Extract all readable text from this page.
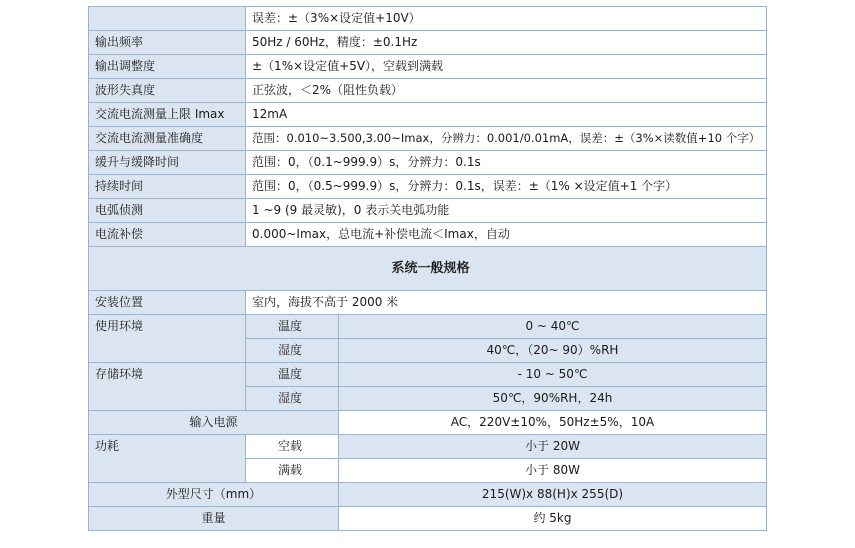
	误差：±（3%×设定值+10V）	
输出频率	50Hz / 60Hz，精度：±0.1Hz	
输出调整度	±（1%×设定值+5V），空载到满载	
波形失真度	正弦波，＜2%（阻性负载）	
交流电流测量上限 Imax	12mA	
交流电流测量准确度	范围：0.010~3.500,3.00~Imax，分辨力：0.001/0.01mA，误差：±（3%×读数值+10 个字）	
缓升与缓降时间	范围：0，（0.1~999.9）s，分辨力：0.1s	
持续时间	范围：0，（0.5~999.9）s，分辨力：0.1s，误差：±（1% ×设定值+1 个字）	
电弧侦测	1 ~9 (9 最灵敏)，0 表示关电弧功能	
电流补偿	0.000~Imax，总电流+补偿电流＜Imax，自动	
系统一般规格		
安装位置	室内，海拔不高于 2000 米	
使用环境	温度	0 ~ 40℃
	湿度	40℃，（20~ 90）%RH
存储环境	温度	- 10 ~ 50℃
	湿度	50℃，90%RH，24h
输入电源		AC，220V±10%，50Hz±5%，10A
功耗	空载	小于 20W
	满载	小于 80W
外型尺寸（mm）		215(W)x 88(H)x 255(D)
重量		约 5kg
